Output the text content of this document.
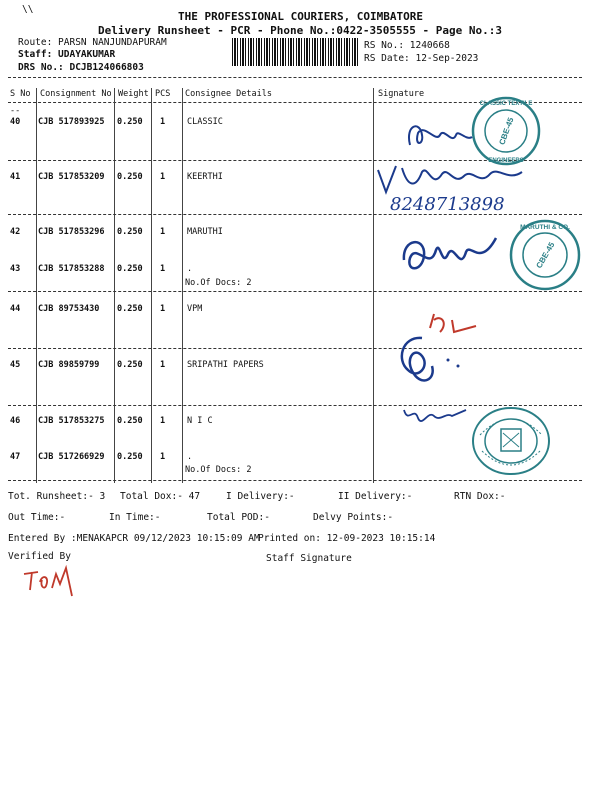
\\
THE PROFESSIONAL COURIERS, COIMBATORE
Delivery Runsheet - PCR - Phone No.:0422-3505555 - Page No.:3
Route: PARSN NANJUNDAPURAM
Staff: UDAYAKUMAR
DRS No.: DCJB124066803
RS No.: 1240668
RS Date: 12-Sep-2023
S No Consignment No Weight PCS Consignee Details	Signature
--
40 CJB 517893925 0.250 1	CLASSIC
41 CJB 517853209 0.250 1	KEERTHI
42 CJB 517853296 0.250 1	MARUTHI
43 CJB 517853288 0.250 1	.
No.Of Docs: 2
44 CJB 89753430 0.250 1	VPM
45 CJB 89859799 0.250 1	SRIPATHI PAPERS
46 CJB 517853275 0.250 1	N I C
47 CJB 517266929 0.250 1	.
No.Of Docs: 2
Tot. Runsheet:- 3 Total Dox:- 47	I Delivery:-	II Delivery:-	RTN Dox:-
Out Time:-	In Time:-	Total POD:-	Delvy Points:-
Entered By :MENAKAPCR 09/12/2023 10:15:09 AM
Printed on: 12-09-2023 10:15:14
Verified By	Staff Signature
CBE-45
CLASSIC TEXTILE
ENGINEERS
8248713898
CBE-45
MARUTHI & CO.
